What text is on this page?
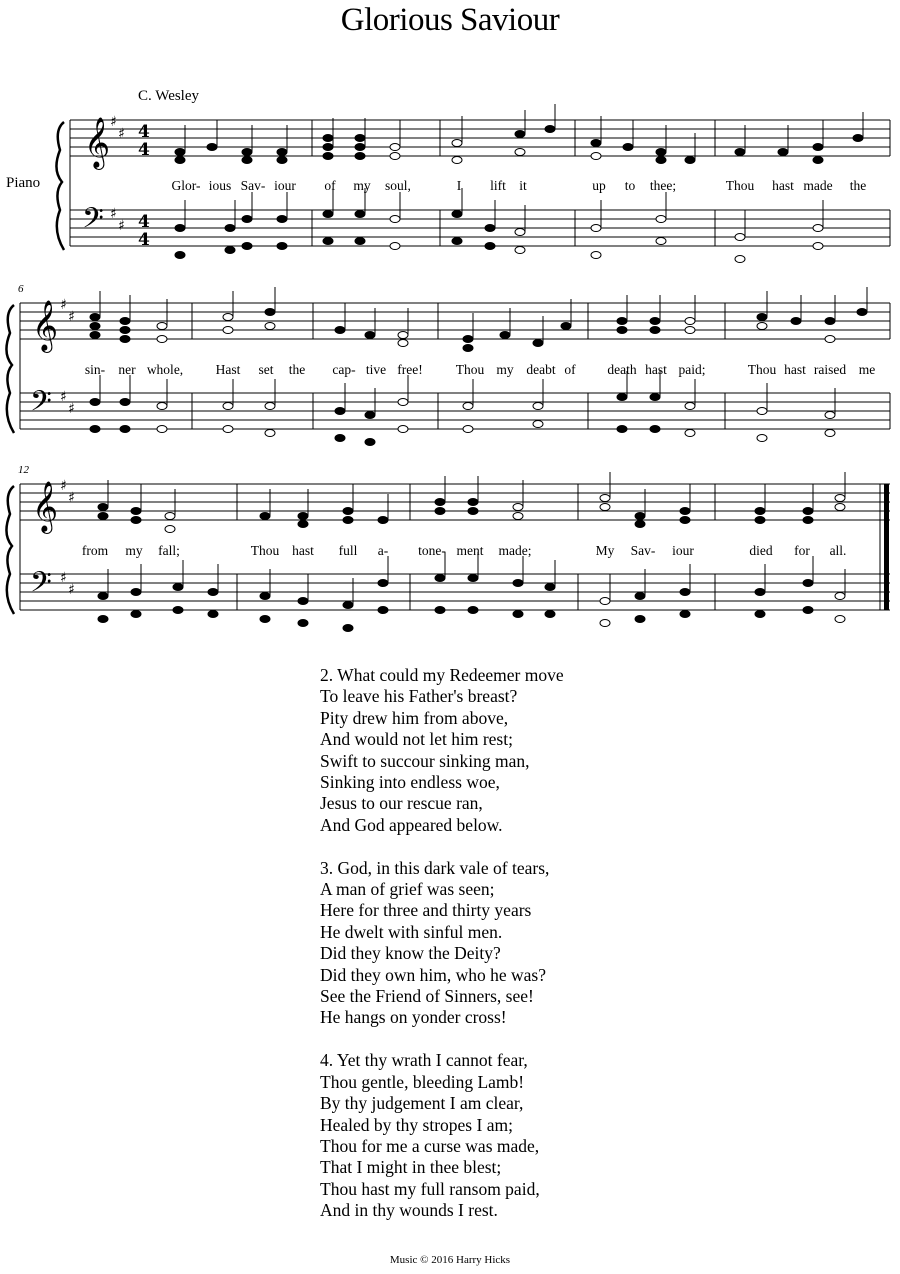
Glorious Saviour
C. Wesley
Piano
6
12
𝄞
𝄢
♯
♯
♯
♯
4
4
4
4
Glor- ious Sav- iour of my soul,	I lift it	up to thee;	Thou hast made the
𝄞
𝄢
♯
♯
♯
♯
sin- ner whole, Hast set the cap- tive free! Thou my deabt of death hast paid;	Thou hast raised me
𝄞
𝄢
♯
♯
♯
♯
from my fall;	Thou hast full a- tone- ment made;	My Sav- iour	died for all.
2. What could my Redeemer move
To leave his Father's breast?
Pity drew him from above,
And would not let him rest;
Swift to succour sinking man,
Sinking into endless woe,
Jesus to our rescue ran,
And God appeared below.
3. God, in this dark vale of tears,
A man of grief was seen;
Here for three and thirty years
He dwelt with sinful men.
Did they know the Deity?
Did they own him, who he was?
See the Friend of Sinners, see!
He hangs on yonder cross!
4. Yet thy wrath I cannot fear,
Thou gentle, bleeding Lamb!
By thy judgement I am clear,
Healed by thy stropes I am;
Thou for me a curse was made,
That I might in thee blest;
Thou hast my full ransom paid,
And in thy wounds I rest.
Music © 2016 Harry Hicks
